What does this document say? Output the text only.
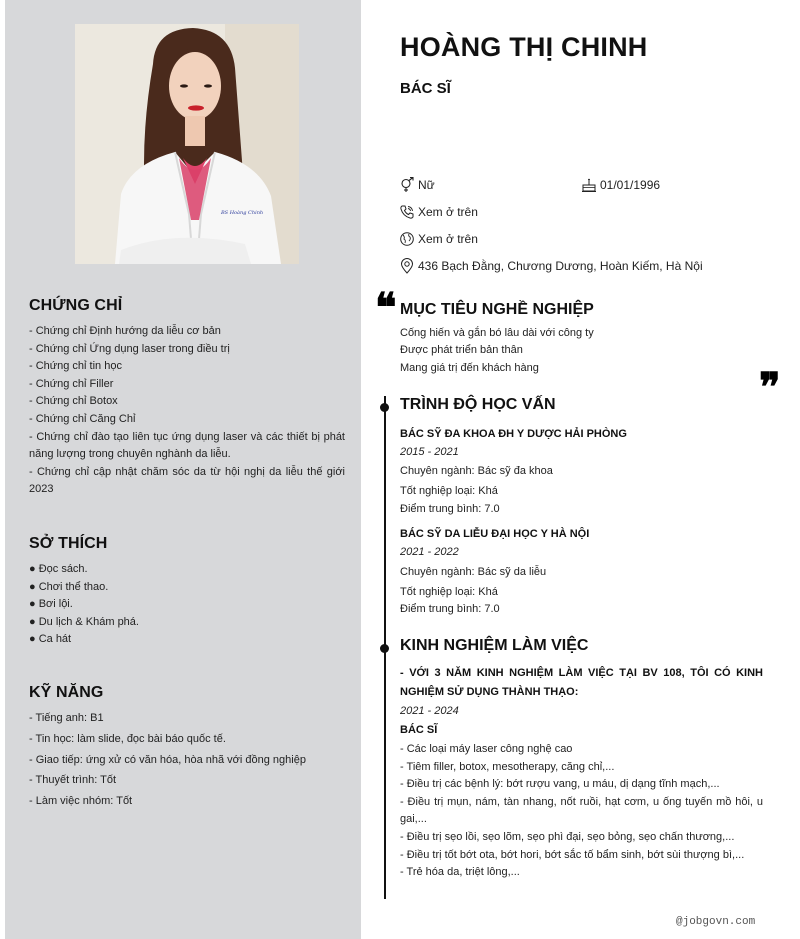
BS Hoàng Chinh
CHỨNG CHỈ
- Chứng chỉ Định hướng da liễu cơ bản
- Chứng chỉ Ứng dụng laser trong điều trị
- Chứng chỉ tin học
- Chứng chỉ Filler
- Chứng chỉ Botox
- Chứng chỉ Căng Chỉ
- Chứng chỉ đào tạo liên tục ứng dụng laser và các thiết bị phát năng lượng trong chuyên nghành da liễu.
- Chứng chỉ cập nhật chăm sóc da từ hội nghị da liễu thế giới 2023
SỞ THÍCH
● Đọc sách.
● Chơi thể thao.
● Bơi lội.
● Du lịch & Khám phá.
● Ca hát
KỸ NĂNG
- Tiếng anh: B1
- Tin học: làm slide, đọc bài báo quốc tế.
- Giao tiếp: ứng xử có văn hóa, hòa nhã với đồng nghiệp
- Thuyết trình: Tốt
- Làm việc nhóm: Tốt
HOÀNG THỊ CHINH
BÁC SĨ
Nữ	01/01/1996
Xem ở trên
Xem ở trên
436 Bạch Đằng, Chương Dương, Hoàn Kiếm, Hà Nội
❝ MỤC TIÊU NGHỀ NGHIỆP
Cống hiến và gắn bó lâu dài với công ty
Được phát triển bản thân
Mang giá trị đến khách hàng	❞
TRÌNH ĐỘ HỌC VẤN
BÁC SỸ ĐA KHOA ĐH Y DƯỢC HẢI PHÒNG
2015 - 2021
Chuyên ngành: Bác sỹ đa khoa
Tốt nghiệp loại: Khá
Điểm trung bình: 7.0
BÁC SỸ DA LIỄU ĐẠI HỌC Y HÀ NỘI
2021 - 2022
Chuyên ngành: Bác sỹ da liễu
Tốt nghiệp loại: Khá
Điểm trung bình: 7.0
KINH NGHIỆM LÀM VIỆC
- VỚI 3 NĂM KINH NGHIỆM LÀM VIỆC TẠI BV 108, TÔI CÓ KINH
NGHIỆM SỬ DỤNG THÀNH THẠO:
2021 - 2024
BÁC SĨ
- Các loại máy laser công nghệ cao
- Tiêm filler, botox, mesotherapy, căng chỉ,...
- Điều trị các bệnh lý: bớt rượu vang, u máu, dị dạng tĩnh mạch,...
- Điều trị mụn, nám, tàn nhang, nốt ruồi, hạt cơm, u ống tuyến mồ hôi, u gai,...
- Điều trị sẹo lồi, sẹo lõm, sẹo phì đại, sẹo bỏng, sẹo chấn thương,...
- Điều trị tốt bớt ota, bớt hori, bớt sắc tố bẩm sinh, bớt sùi thượng bì,...
- Trẻ hóa da, triệt lông,...
@jobgovn.com
